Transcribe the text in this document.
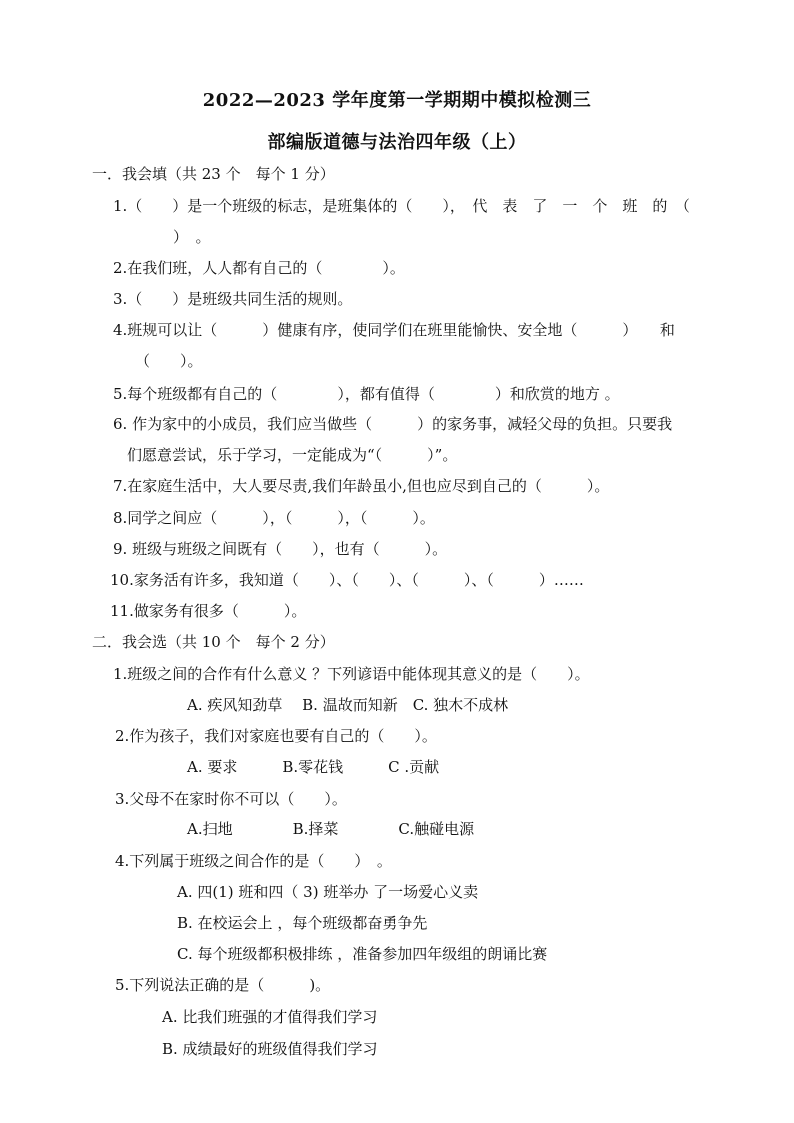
2022—2023 学年度第一学期期中模拟检测三
部编版道德与法治四年级（上）
一．我会填（共 23 个　每个 1 分）
1.（　　）是一个班级的标志，是班集体的（　　），　代　表　了　一　个　班　的　（
）　。
2.在我们班，人人都有自己的（　　　　）。
3.（　　）是班级共同生活的规则。
4.班规可以让（　　　）健康有序，使同学们在班里能愉快、安全地（　　　）　　和
（　　）。
5.每个班级都有自己的（　　　　），都有值得（　　　　）和欣赏的地方 。
6. 作为家中的小成员，我们应当做些（　　　）的家务事，减轻父母的负担。只要我
们愿意尝试，乐于学习，一定能成为“（　　　）”。
7.在家庭生活中，大人要尽责,我们年龄虽小,但也应尽到自己的（　　　）。
8.同学之间应（　　　），（　　　），（　　　）。
9. 班级与班级之间既有（　　），也有（　　　）。
10.家务活有许多，我知道（　　）、（　　）、（　　　）、（　　　）……
11.做家务有很多（　　　）。
二．我会选（共 10 个　每个 2 分）
1.班级之间的合作有什么意义 ？下列谚语中能体现其意义的是（　　）。
A. 疾风知劲草　 B. 温故而知新　C. 独木不成林
2.作为孩子，我们对家庭也要有自己的（　　）。
A. 要求　　　B.零花钱　　　C .贡献
3.父母不在家时你不可以（　　）。
A.扫地　　　　B.择菜　　　　C.触碰电源
4.下列属于班级之间合作的是（　　）　。
A. 四(1) 班和四（ 3) 班举办 了一场爱心义卖
B. 在校运会上 ，每个班级都奋勇争先
C. 每个班级都积极排练 ，准备参加四年级组的朗诵比赛
5.下列说法正确的是（　　　)。
A. 比我们班强的才值得我们学习
B. 成绩最好的班级值得我们学习
